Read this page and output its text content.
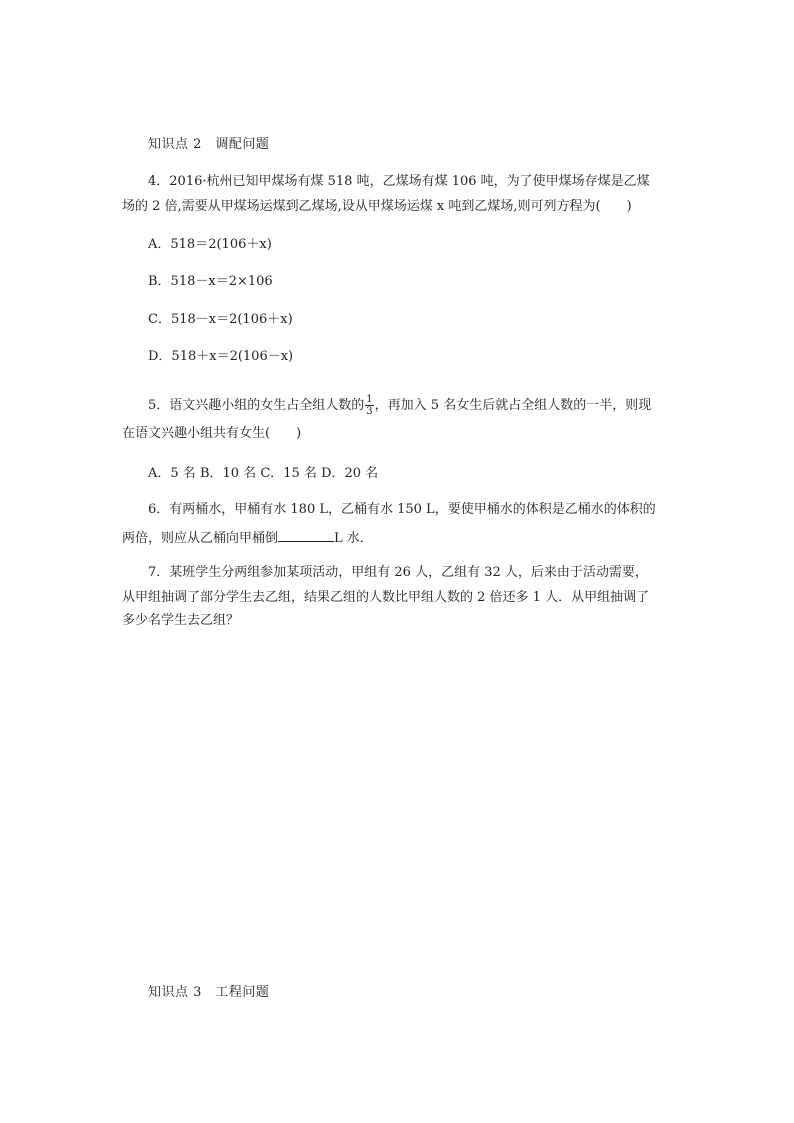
知识点 2　调配问题
4．2016·杭州已知甲煤场有煤 518 吨，乙煤场有煤 106 吨，为了使甲煤场存煤是乙煤
场的 2 倍,需要从甲煤场运煤到乙煤场,设从甲煤场运煤 x 吨到乙煤场,则可列方程为(　　)
A．518＝2(106＋x)
B．518－x＝2×106
C．518－x＝2(106＋x)
D．518＋x＝2(106－x)
5．语文兴趣小组的女生占全组人数的 $\frac{1}{3}$ ，再加入 5 名女生后就占全组人数的一半，则现
在语文兴趣小组共有女生(　　)
A．5 名 B．10 名 C．15 名 D．20 名
6．有两桶水，甲桶有水 180 L，乙桶有水 150 L，要使甲桶水的体积是乙桶水的体积的
两倍，则应从乙桶向甲桶倒	L 水．
7．某班学生分两组参加某项活动，甲组有 26 人，乙组有 32 人，后来由于活动需要，
从甲组抽调了部分学生去乙组，结果乙组的人数比甲组人数的 2 倍还多 1 人．从甲组抽调了
多少名学生去乙组？
知识点 3　工程问题
